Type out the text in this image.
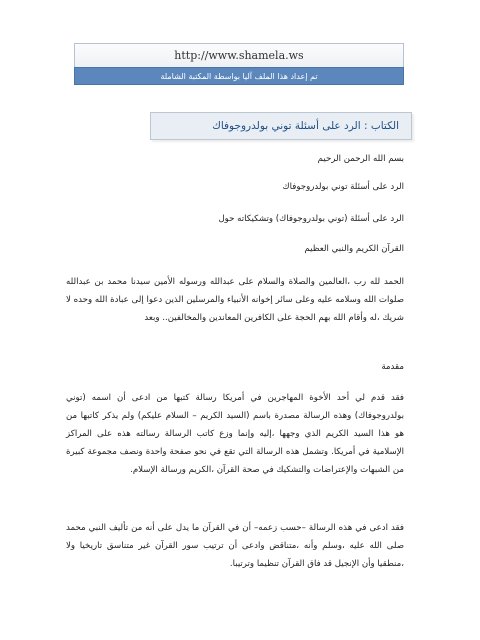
http://www.shamela.ws
تم إعداد هذا الملف آليا بواسطة المكتبة الشاملة
الكتاب : الرد على أسئلة توني بولدروجوفاك
بسم الله الرحمن الرحيم
الرد على أسئلة توني بولدروجوفاك
الرد على أسئلة (توني بولدروجوفاك) وتشكيكاته حول
القرآن الكريم والنبي العظيم
الحمد لله رب ،العالمين والصلاة والسلام على عبدالله ورسوله الأمين سيدنا محمد بن عبدالله صلوات الله وسلامه عليه وعلى سائر إخوانه الأنبياء والمرسلين الذين دعوا إلى عبادة الله وحده لا شريك ،له وأقام الله بهم الحجة على الكافرين المعاندين والمخالفين.. وبعد
مقدمة
فقد قدم لي أحد الأخوة المهاجرين في أمريكا رسالة كتبها من ادعى أن اسمه (توني بولدروجوفاك) وهذه الرسالة مصدرة باسم (السيد الكريم – السلام عليكم) ولم يذكر كاتبها من هو هذا السيد الكريم الذي وجهها ،إليه وإنما وزع كاتب الرسالة رسالته هذه على المراكز الإسلامية في أمريكا. وتشمل هذه الرسالة التي تقع في نحو صفحة واحدة ونصف مجموعة كبيرة من الشبهات والإعتراضات والتشكيك في صحة القرآن ،الكريم ورسالة الإسلام.
فقد ادعى في هذه الرسالة –حسب زعمه– أن في القرآن ما يدل على أنه من تأليف النبي محمد صلى الله عليه ،وسلم وأنه ،متناقض وادعى أن ترتيب سور القرآن غير متناسق تاريخيا ولا ،منطقيا وأن الإنجيل قد فاق القرآن تنظيما وترتيبا.
